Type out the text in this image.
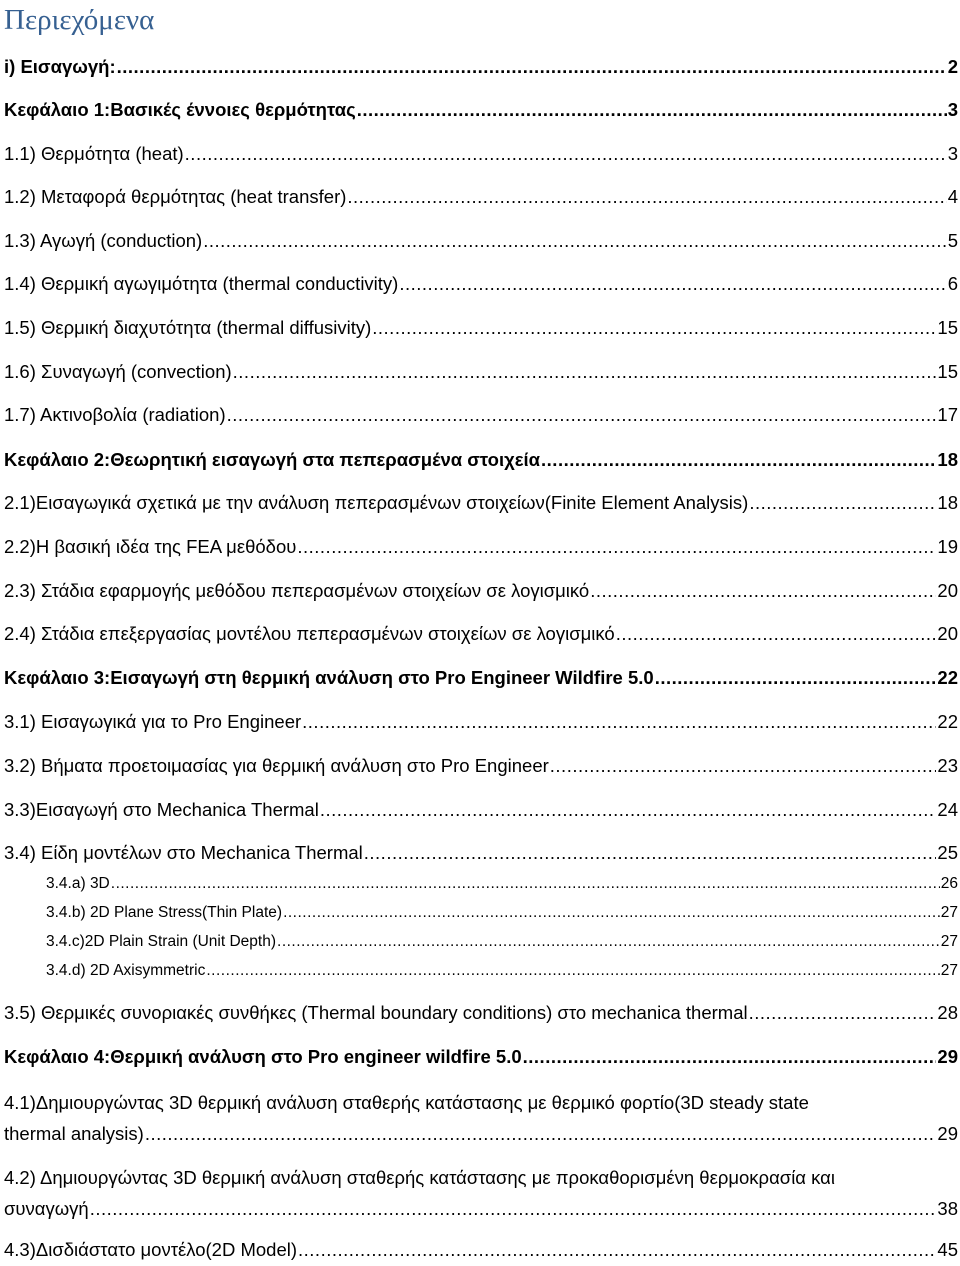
Περιεχόμενα
i) Εισαγωγή: .....	2
Κεφάλαιο 1:Βασικές έννοιες θερμότητας .....	3
1.1) Θερμότητα (heat) .....	3
1.2) Μεταφορά θερμότητας (heat transfer) .....	4
1.3) Αγωγή (conduction) .....	5
1.4) Θερμική αγωγιμότητα (thermal conductivity) .....	6
1.5) Θερμική διαχυτότητα (thermal diffusivity) .....	15
1.6) Συναγωγή (convection) .....	15
1.7) Ακτινοβολία (radiation) .....	17
Κεφάλαιο 2:Θεωρητική εισαγωγή στα πεπερασμένα στοιχεία .....	18
2.1)Εισαγωγικά σχετικά με την ανάλυση πεπερασμένων στοιχείων(Finite Element Analysis) .....	18
2.2)Η βασική ιδέα της FEA μεθόδου .....	19
2.3) Στάδια εφαρμογής μεθόδου πεπερασμένων στοιχείων σε λογισμικό .....	20
2.4) Στάδια επεξεργασίας μοντέλου πεπερασμένων στοιχείων σε λογισμικό .....	20
Κεφάλαιο 3:Εισαγωγή στη θερμική ανάλυση στο Pro Engineer Wildfire 5.0 .....	22
3.1) Εισαγωγικά για το Pro Engineer .....	22
3.2) Βήματα προετοιμασίας για θερμική ανάλυση στο Pro Engineer .....	23
3.3)Εισαγωγή στο Mechanica Thermal .....	24
3.4) Είδη μοντέλων στο Mechanica Thermal .....	25
3.4.a) 3D .....	26
3.4.b) 2D Plane Stress(Thin Plate) .....	27
3.4.c)2D Plain Strain (Unit Depth) .....	27
3.4.d) 2D Axisymmetric .....	27
3.5) Θερμικές συνοριακές συνθήκες (Thermal boundary conditions) στο mechanica thermal .....	28
Κεφάλαιο 4:Θερμική ανάλυση στο Pro engineer wildfire 5.0 .....	29
4.1)Δημιουργώντας 3D θερμική ανάλυση σταθερής κατάστασης με θερμικό φορτίο(3D steady state
thermal analysis) .....	29
4.2) Δημιουργώντας 3D θερμική ανάλυση σταθερής κατάστασης με προκαθορισμένη θερμοκρασία και
συναγωγή .....	38
4.3)Δισδιάστατο μοντέλο(2D Model) .....	45
